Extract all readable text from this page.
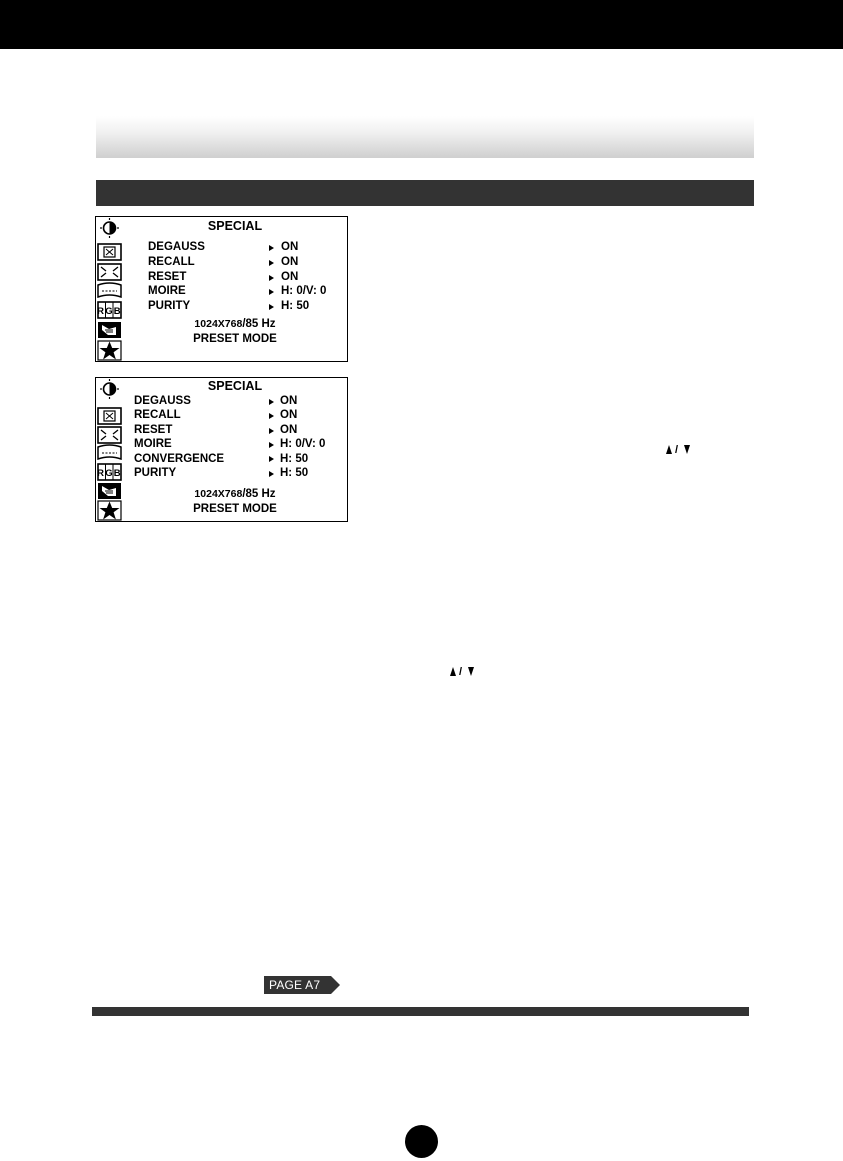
RGB
SPECIAL
DEGAUSS	ON
RECALL	ON
RESET	ON
MOIRE	H: 0/V: 0
PURITY	H: 50
1024X768/85 Hz
PRESET MODE
RGB
SPECIAL
DEGAUSS	ON
RECALL	ON
RESET	ON
MOIRE	H: 0/V: 0
CONVERGENCE	H: 50
PURITY	H: 50
1024X768/85 Hz
PRESET MODE
/
/
PAGE A7
